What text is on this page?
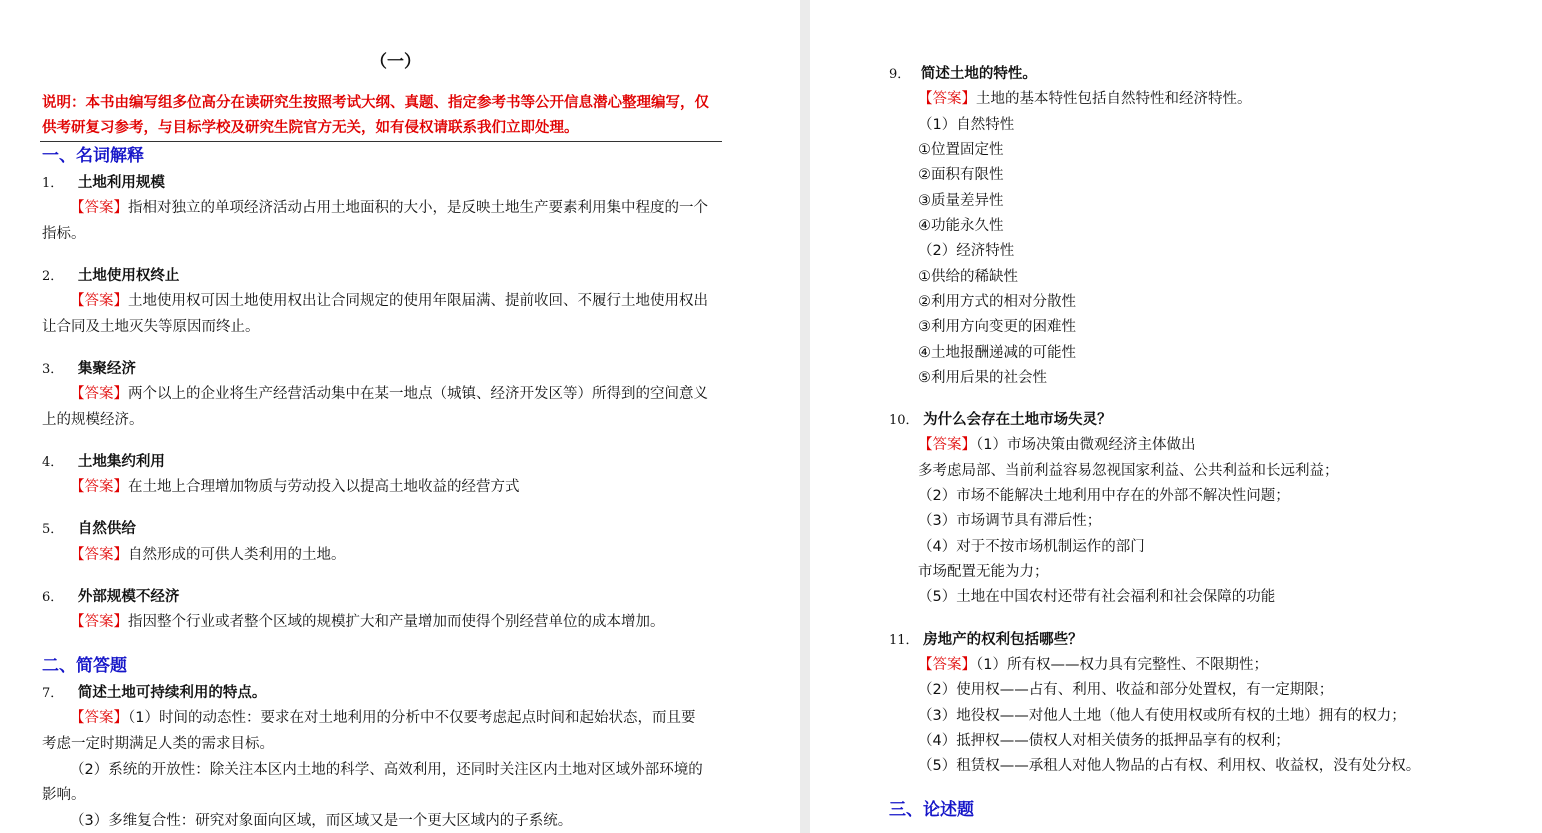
（一）
说明：本书由编写组多位高分在读研究生按照考试大纲、真题、指定参考书等公开信息潜心整理编写，仅
供考研复习参考，与目标学校及研究生院官方无关，如有侵权请联系我们立即处理。
一、名词解释
1． 土地利用规模
【答案】指相对独立的单项经济活动占用土地面积的大小，是反映土地生产要素利用集中程度的一个
指标。
2． 土地使用权终止
【答案】土地使用权可因土地使用权出让合同规定的使用年限届满、提前收回、不履行土地使用权出
让合同及土地灭失等原因而终止。
3． 集聚经济
【答案】两个以上的企业将生产经营活动集中在某一地点（城镇、经济开发区等）所得到的空间意义
上的规模经济。
4． 土地集约利用
【答案】在土地上合理增加物质与劳动投入以提高土地收益的经营方式
5． 自然供给
【答案】自然形成的可供人类利用的土地。
6． 外部规模不经济
【答案】指因整个行业或者整个区域的规模扩大和产量增加而使得个别经营单位的成本增加。
二、简答题
7． 简述土地可持续利用的特点。
【答案】（1）时间的动态性：要求在对土地利用的分析中不仅要考虑起点时间和起始状态，而且要
考虑一定时期满足人类的需求目标。
（2）系统的开放性：除关注本区内土地的科学、高效利用，还同时关注区内土地对区域外部环境的
影响。
（3）多维复合性：研究对象面向区域，而区域又是一个更大区域内的子系统。
9． 简述土地的特性。
【答案】土地的基本特性包括自然特性和经济特性。
（1）自然特性
①位置固定性
②面积有限性
③质量差异性
④功能永久性
（2）经济特性
①供给的稀缺性
②利用方式的相对分散性
③利用方向变更的困难性
④土地报酬递减的可能性
⑤利用后果的社会性
10． 为什么会存在土地市场失灵？
【答案】（1）市场决策由微观经济主体做出
多考虑局部、当前利益容易忽视国家利益、公共利益和长远利益；
（2）市场不能解决土地利用中存在的外部不解决性问题；
（3）市场调节具有滞后性；
（4）对于不按市场机制运作的部门
市场配置无能为力；
（5）土地在中国农村还带有社会福利和社会保障的功能
11． 房地产的权利包括哪些？
【答案】（1）所有权——权力具有完整性、不限期性；
（2）使用权——占有、利用、收益和部分处置权，有一定期限；
（3）地役权——对他人土地（他人有使用权或所有权的土地）拥有的权力；
（4）抵押权——债权人对相关债务的抵押品享有的权利；
（5）租赁权——承租人对他人物品的占有权、利用权、收益权，没有处分权。
三、论述题
